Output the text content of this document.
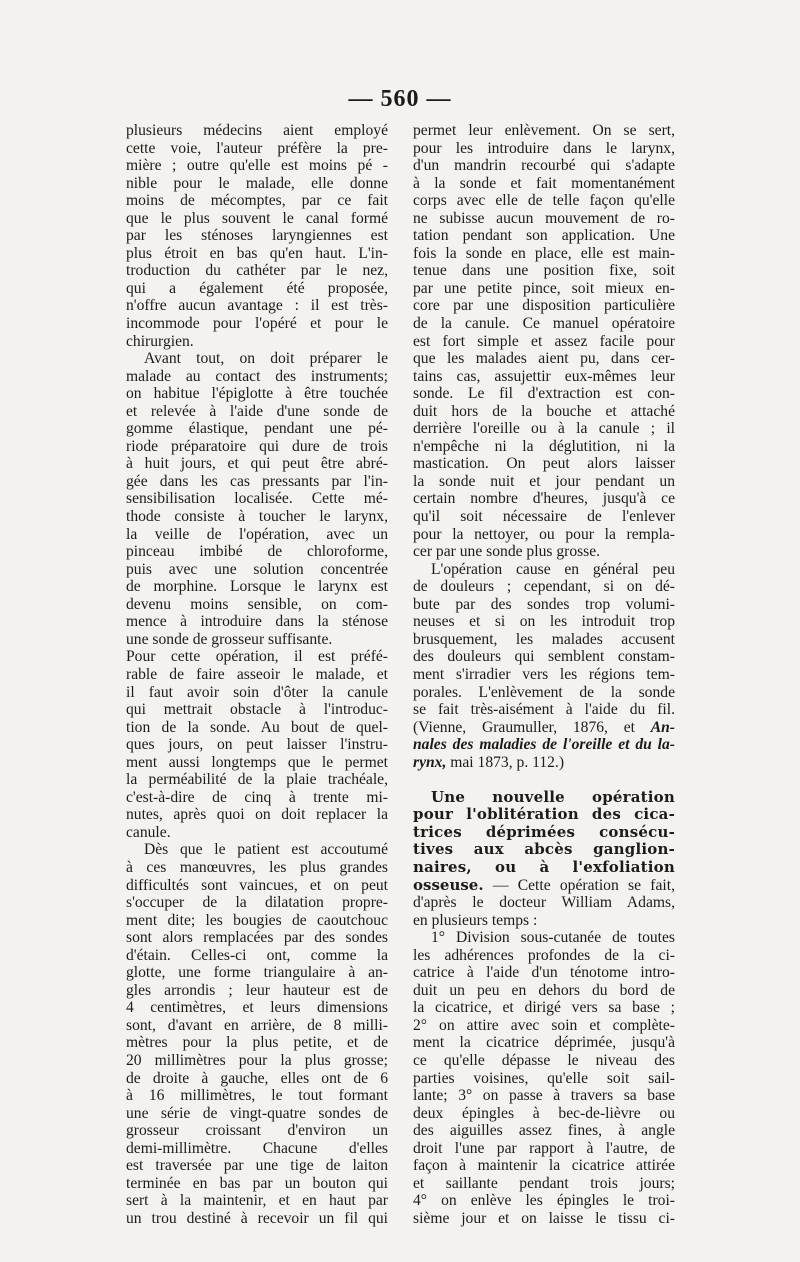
— 560 —
plusieurs médecins aient employé
cette voie, l'auteur préfère la pre-
mière ; outre qu'elle est moins pé -
nible pour le malade, elle donne
moins de mécomptes, par ce fait
que le plus souvent le canal formé
par les sténoses laryngiennes est
plus étroit en bas qu'en haut. L'in-
troduction du cathéter par le nez,
qui a également été proposée,
n'offre aucun avantage : il est très-
incommode pour l'opéré et pour le
chirurgien.
Avant tout, on doit préparer le
malade au contact des instruments;
on habitue l'épiglotte à être touchée
et relevée à l'aide d'une sonde de
gomme élastique, pendant une pé-
riode préparatoire qui dure de trois
à huit jours, et qui peut être abré-
gée dans les cas pressants par l'in-
sensibilisation localisée. Cette mé-
thode consiste à toucher le larynx,
la veille de l'opération, avec un
pinceau imbibé de chloroforme,
puis avec une solution concentrée
de morphine. Lorsque le larynx est
devenu moins sensible, on com-
mence à introduire dans la sténose
une sonde de grosseur suffisante.
Pour cette opération, il est préfé-
rable de faire asseoir le malade, et
il faut avoir soin d'ôter la canule
qui mettrait obstacle à l'introduc-
tion de la sonde. Au bout de quel-
ques jours, on peut laisser l'instru-
ment aussi longtemps que le permet
la perméabilité de la plaie trachéale,
c'est-à-dire de cinq à trente mi-
nutes, après quoi on doit replacer la
canule.
Dès que le patient est accoutumé
à ces manœuvres, les plus grandes
difficultés sont vaincues, et on peut
s'occuper de la dilatation propre-
ment dite; les bougies de caoutchouc
sont alors remplacées par des sondes
d'étain. Celles-ci ont, comme la
glotte, une forme triangulaire à an-
gles arrondis ; leur hauteur est de
4 centimètres, et leurs dimensions
sont, d'avant en arrière, de 8 milli-
mètres pour la plus petite, et de
20 millimètres pour la plus grosse;
de droite à gauche, elles ont de 6
à 16 millimètres, le tout formant
une série de vingt-quatre sondes de
grosseur croissant d'environ un
demi-millimètre. Chacune d'elles
est traversée par une tige de laiton
terminée en bas par un bouton qui
sert à la maintenir, et en haut par
un trou destiné à recevoir un fil qui
permet leur enlèvement. On se sert,
pour les introduire dans le larynx,
d'un mandrin recourbé qui s'adapte
à la sonde et fait momentanément
corps avec elle de telle façon qu'elle
ne subisse aucun mouvement de ro-
tation pendant son application. Une
fois la sonde en place, elle est main-
tenue dans une position fixe, soit
par une petite pince, soit mieux en-
core par une disposition particulière
de la canule. Ce manuel opératoire
est fort simple et assez facile pour
que les malades aient pu, dans cer-
tains cas, assujettir eux-mêmes leur
sonde. Le fil d'extraction est con-
duit hors de la bouche et attaché
derrière l'oreille ou à la canule ; il
n'empêche ni la déglutition, ni la
mastication. On peut alors laisser
la sonde nuit et jour pendant un
certain nombre d'heures, jusqu'à ce
qu'il soit nécessaire de l'enlever
pour la nettoyer, ou pour la rempla-
cer par une sonde plus grosse.
L'opération cause en général peu
de douleurs ; cependant, si on dé-
bute par des sondes trop volumi-
neuses et si on les introduit trop
brusquement, les malades accusent
des douleurs qui semblent constam-
ment s'irradier vers les régions tem-
porales. L'enlèvement de la sonde
se fait très-aisément à l'aide du fil.
(Vienne, Graumuller, 1876, et An-
nales des maladies de l'oreille et du la-
rynx, mai 1873, p. 112.)

Une nouvelle opération
pour l'oblitération des cica-
trices déprimées consécu-
tives aux abcès ganglion-
naires, ou à l'exfoliation
osseuse. — Cette opération se fait,
d'après le docteur William Adams,
en plusieurs temps :
1° Division sous-cutanée de toutes
les adhérences profondes de la ci-
catrice à l'aide d'un ténotome intro-
duit un peu en dehors du bord de
la cicatrice, et dirigé vers sa base ;
2° on attire avec soin et complète-
ment la cicatrice déprimée, jusqu'à
ce qu'elle dépasse le niveau des
parties voisines, qu'elle soit sail-
lante; 3° on passe à travers sa base
deux épingles à bec-de-lièvre ou
des aiguilles assez fines, à angle
droit l'une par rapport à l'autre, de
façon à maintenir la cicatrice attirée
et saillante pendant trois jours;
4° on enlève les épingles le troi-
sième jour et on laisse le tissu ci-
